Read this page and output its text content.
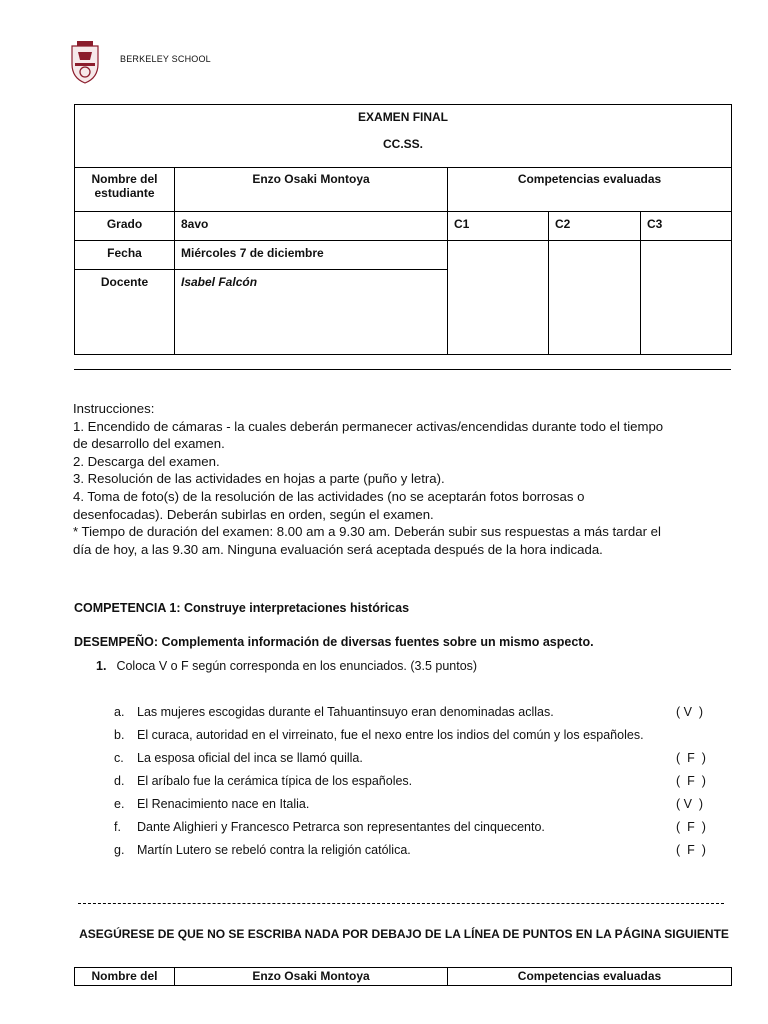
BERKELEY SCHOOL
EXAMEN FINAL
CC.SS.				

Nombre del estudiante	Enzo Osaki Montoya	Competencias evaluadas		
Grado	8avo	C1	C2	C3
Fecha	Miércoles 7 de diciembre			
Docente	Isabel Falcón			
Instrucciones:
1. Encendido de cámaras - la cuales deberán permanecer activas/encendidas durante todo el tiempo
de desarrollo del examen.
2. Descarga del examen.
3. Resolución de las actividades en hojas a parte (puño y letra).
4. Toma de foto(s) de la resolución de las actividades (no se aceptarán fotos borrosas o
desenfocadas). Deberán subirlas en orden, según el examen.
* Tiempo de duración del examen: 8.00 am a 9.30 am. Deberán subir sus respuestas a más tardar el
día de hoy, a las 9.30 am. Ninguna evaluación será aceptada después de la hora indicada.
COMPETENCIA 1: Construye interpretaciones históricas
DESEMPEÑO: Complementa información de diversas fuentes sobre un mismo aspecto.
1. Coloca V o F según corresponda en los enunciados. (3.5 puntos)
a. Las mujeres escogidas durante el Tahuantinsuyo eran denominadas acllas.	( V  )
b. El curaca, autoridad en el virreinato, fue el nexo entre los indios del común y los españoles.
c. La esposa oficial del inca se llamó quilla.	(  F  )
d. El aríbalo fue la cerámica típica de los españoles.	(  F  )
e. El Renacimiento nace en Italia.	( V  )
f. Dante Alighieri y Francesco Petrarca son representantes del cinquecento.	(  F  )
g. Martín Lutero se rebeló contra la religión católica.	(  F  )
ASEGÚRESE DE QUE NO SE ESCRIBA NADA POR DEBAJO DE LA LÍNEA DE PUNTOS EN LA PÁGINA SIGUIENTE
Nombre del	Enzo Osaki Montoya	Competencias evaluadas
